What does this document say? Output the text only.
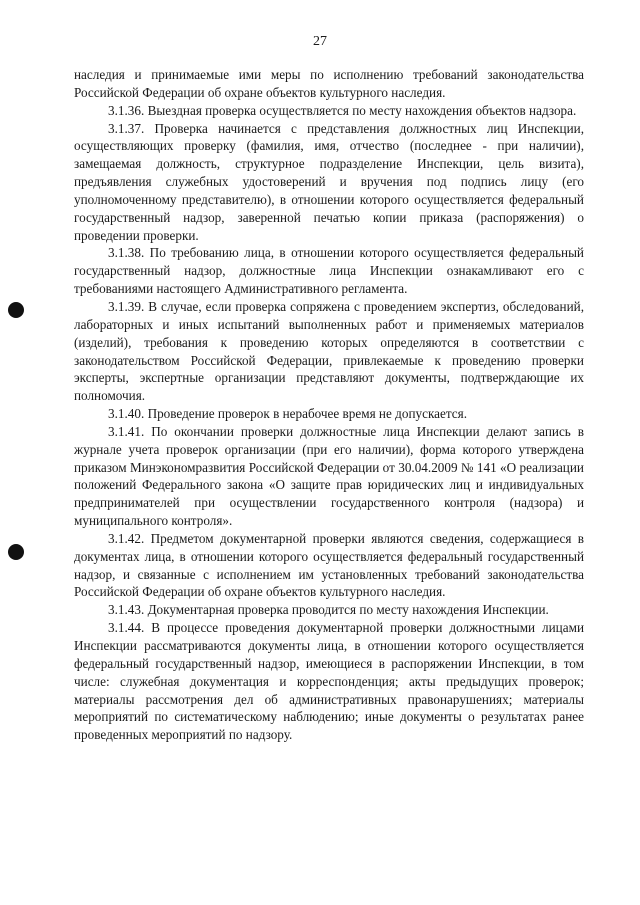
27

наследия и принимаемые ими меры по исполнению требований законодательства Российской Федерации об охране объектов культурного наследия.

3.1.36. Выездная проверка осуществляется по месту нахождения объектов надзора.

3.1.37. Проверка начинается с представления должностных лиц Инспекции, осуществляющих проверку (фамилия, имя, отчество (последнее - при наличии), замещаемая должность, структурное подразделение Инспекции, цель визита), предъявления служебных удостоверений и вручения под подпись лицу (его уполномоченному представителю), в отношении которого осуществляется федеральный государственный надзор, заверенной печатью копии приказа (распоряжения) о проведении проверки.

3.1.38. По требованию лица, в отношении которого осуществляется федеральный государственный надзор, должностные лица Инспекции ознакамливают его с требованиями настоящего Административного регламента.

3.1.39. В случае, если проверка сопряжена с проведением экспертиз, обследований, лабораторных и иных испытаний выполненных работ и применяемых материалов (изделий), требования к проведению которых определяются в соответствии с законодательством Российской Федерации, привлекаемые к проведению проверки эксперты, экспертные организации представляют документы, подтверждающие их полномочия.

3.1.40. Проведение проверок в нерабочее время не допускается.

3.1.41. По окончании проверки должностные лица Инспекции делают запись в журнале учета проверок организации (при его наличии), форма которого утверждена приказом Минэкономразвития Российской Федерации от 30.04.2009 № 141 «О реализации положений Федерального закона «О защите прав юридических лиц и индивидуальных предпринимателей при осуществлении государственного контроля (надзора) и муниципального контроля».

3.1.42. Предметом документарной проверки являются сведения, содержащиеся в документах лица, в отношении которого осуществляется федеральный государственный надзор, и связанные с исполнением им установленных требований законодательства Российской Федерации об охране объектов культурного наследия.

3.1.43. Документарная проверка проводится по месту нахождения Инспекции.

3.1.44. В процессе проведения документарной проверки должностными лицами Инспекции рассматриваются документы лица, в отношении которого осуществляется федеральный государственный надзор, имеющиеся в распоряжении Инспекции, в том числе: служебная документация и корреспонденция; акты предыдущих проверок; материалы рассмотрения дел об административных правонарушениях; материалы мероприятий по систематическому наблюдению; иные документы о результатах ранее проведенных мероприятий по надзору.
